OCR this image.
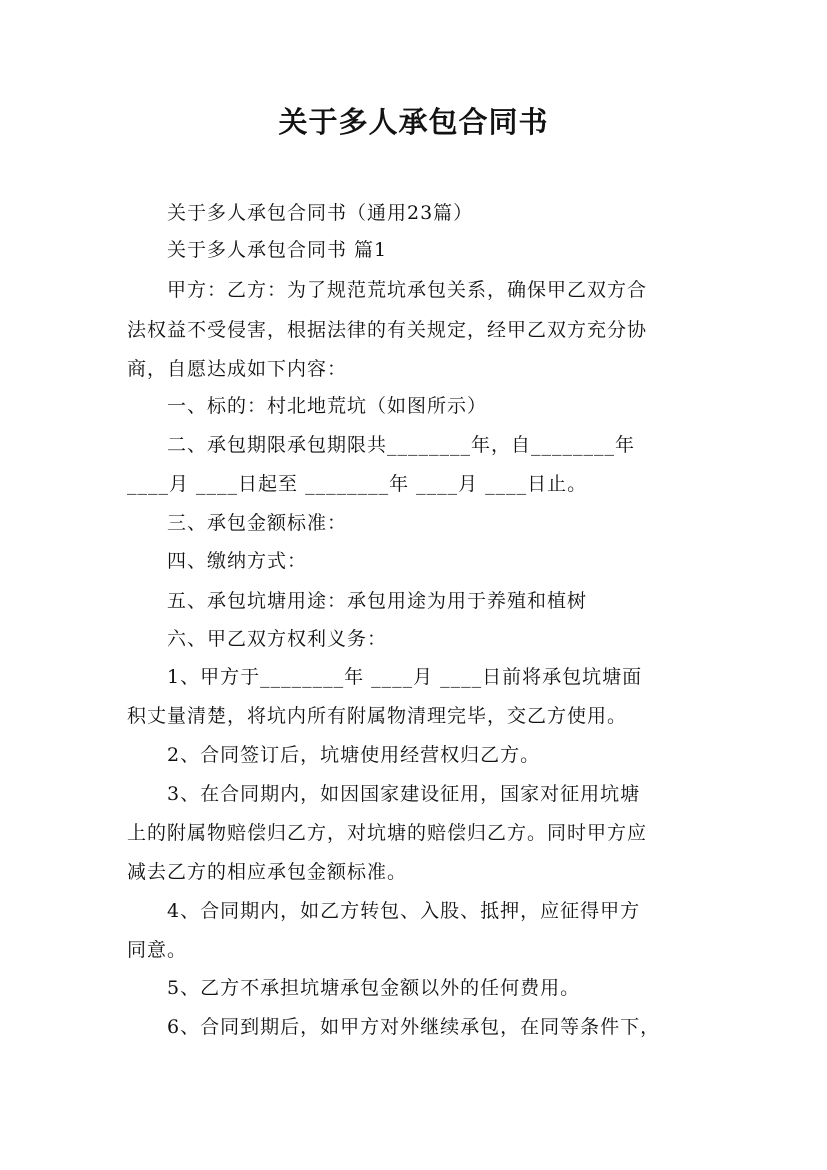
关于多人承包合同书
　　关于多人承包合同书（通用23篇）
　　关于多人承包合同书 篇1
　　甲方：乙方：为了规范荒坑承包关系，确保甲乙双方合
法权益不受侵害，根据法律的有关规定，经甲乙双方充分协
商，自愿达成如下内容：
　　一、标的：村北地荒坑（如图所示）
　　二、承包期限承包期限共________年，自________年
____月 ____日起至 ________年 ____月 ____日止。
　　三、承包金额标准：
　　四、缴纳方式：
　　五、承包坑塘用途：承包用途为用于养殖和植树
　　六、甲乙双方权利义务：
　　1、甲方于________年 ____月 ____日前将承包坑塘面
积丈量清楚，将坑内所有附属物清理完毕，交乙方使用。
　　2、合同签订后，坑塘使用经营权归乙方。
　　3、在合同期内，如因国家建设征用，国家对征用坑塘
上的附属物赔偿归乙方，对坑塘的赔偿归乙方。同时甲方应
减去乙方的相应承包金额标准。
　　4、合同期内，如乙方转包、入股、抵押，应征得甲方
同意。
　　5、乙方不承担坑塘承包金额以外的任何费用。
　　6、合同到期后，如甲方对外继续承包，在同等条件下，
